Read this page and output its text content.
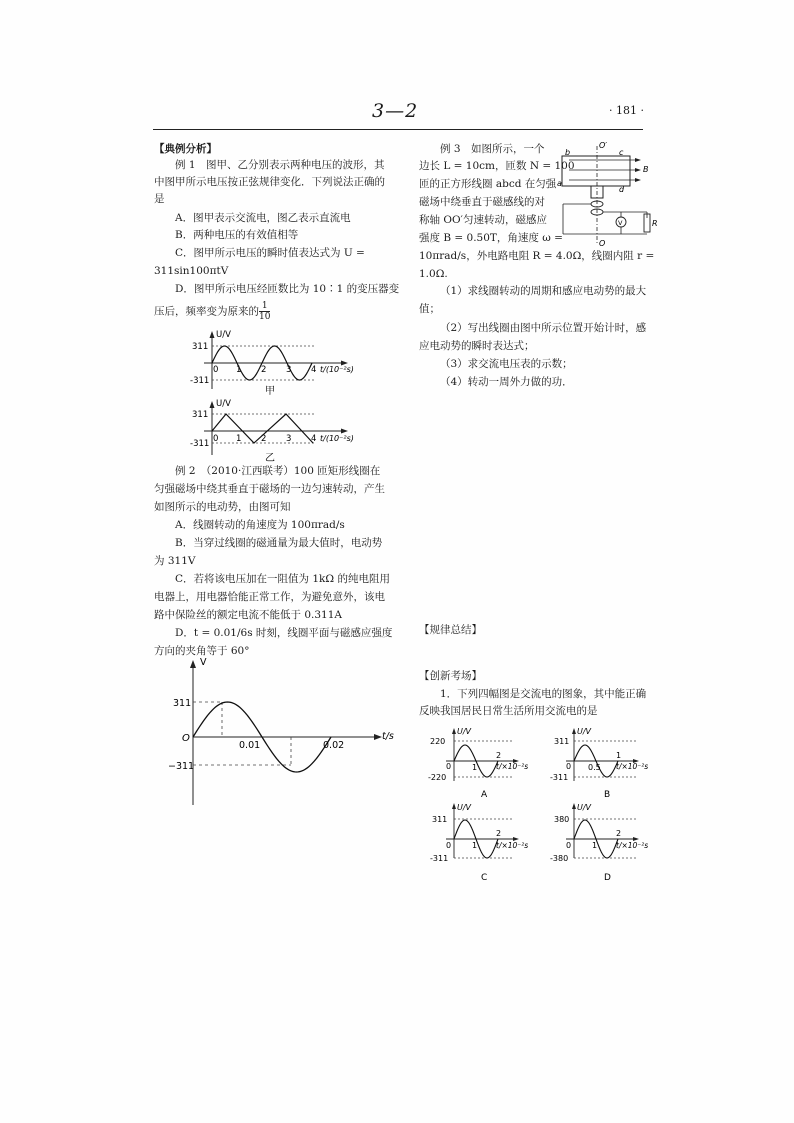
3—2	· 181 ·
【典例分析】
例 1　图甲、乙分别表示两种电压的波形，其
中图甲所示电压按正弦规律变化．下列说法正确的
是
A．图甲表示交流电，图乙表示直流电
B．两种电压的有效值相等
C．图甲所示电压的瞬时值表达式为 U =
311sin100πtV
D．图甲所示电压经匝数比为 10∶1 的变压器变
压后，频率变为原来的 $\frac{1}{10}$
U/V
311
-311
0 1 2 3 4 t/(10⁻²s)
甲
U/V
311
-311 0 1 2 3 4 t/(10⁻²s)
乙
例 2　（2010·江西联考）100 匝矩形线圈在
匀强磁场中绕其垂直于磁场的一边匀速转动，产生
如图所示的电动势，由图可知
A．线圈转动的角速度为 100πrad/s
B．当穿过线圈的磁通量为最大值时，电动势
为 311V
C．若将该电压加在一阻值为 1kΩ 的纯电阻用
电器上，用电器恰能正常工作，为避免意外，该电
路中保险丝的额定电流不能低于 0.311A
D．t = 0.01/6s 时刻，线圈平面与磁感应强度
方向的夹角等于 60°
V
311
−311
O
0.01	0.02
t/s
例 3　如图所示，一个
边长 L = 10cm，匝数 N = 100
匝的正方形线圈 abcd 在匀强
磁场中绕垂直于磁感线的对
称轴 OO′匀速转动，磁感应
强度 B = 0.50T，角速度 ω =
10πrad/s，外电路电阻 R = 4.0Ω，线圈内阻 r =
1.0Ω.
（1）求线圈转动的周期和感应电动势的最大
值；
（2）写出线圈由图中所示位置开始计时，感
应电动势的瞬时表达式；
（3）求交流电压表的示数；
（4）转动一周外力做的功．
O′
O
b	c
a
d
B
R
V
【规律总结】
【创新考场】
1．下列四幅图是交流电的图象，其中能正确
反映我国居民日常生活所用交流电的是
U/V
220
-220
0	1
2
t/×10⁻²s
A
U/V
311
-311
0 0.5
1
t/×10⁻²s
B
U/V
311
-311
0	1
2
t/×10⁻²s
C
U/V
380
-380
0	1
2
t/×10⁻²s
D
